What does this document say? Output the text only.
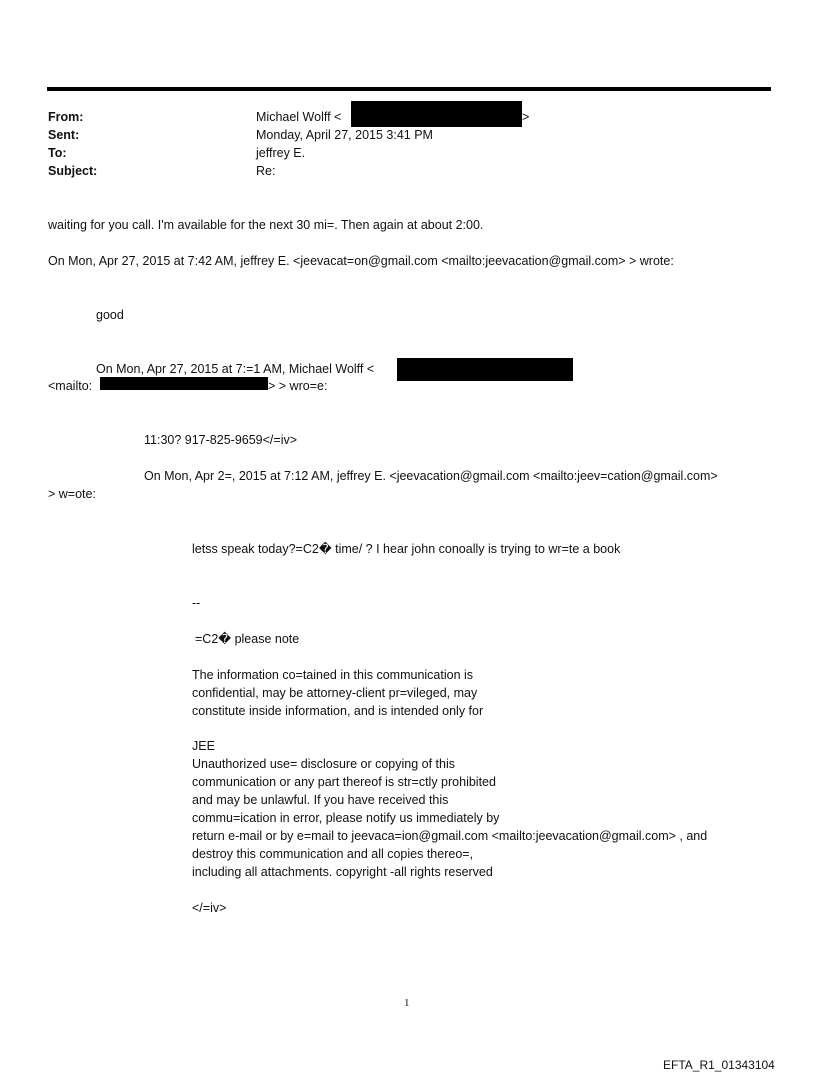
From:	Michael Wolff <	>
Sent:	Monday, April 27, 2015 3:41 PM
To:	jeffrey E.
Subject:	Re:
waiting for you call. I'm available for the next 30 mi=. Then again at about 2:00.
On Mon, Apr 27, 2015 at 7:42 AM, jeffrey E. <jeevacat=on@gmail.com <mailto:jeevacation@gmail.com> > wrote:
good
On Mon, Apr 27, 2015 at 7:=1 AM, Michael Wolff <
<mailto:	> > wro=e:
11:30? 917-825-9659</=iv>
On Mon, Apr 2=, 2015 at 7:12 AM, jeffrey E. <jeevacation@gmail.com <mailto:jeev=cation@gmail.com>
> w=ote:
letss speak today?=C2� time/ ? I hear john conoally is trying to wr=te a book
--
=C2� please note
The information co=tained in this communication is
confidential, may be attorney-client pr=vileged, may
constitute inside information, and is intended only for
JEE
Unauthorized use= disclosure or copying of this
communication or any part thereof is str=ctly prohibited
and may be unlawful. If you have received this
commu=ication in error, please notify us immediately by
return e-mail or by e=mail to jeevaca=ion@gmail.com <mailto:jeevacation@gmail.com> , and
destroy this communication and all copies thereo=,
including all attachments. copyright -all rights reserved
</=iv>
1
EFTA_R1_01343104
